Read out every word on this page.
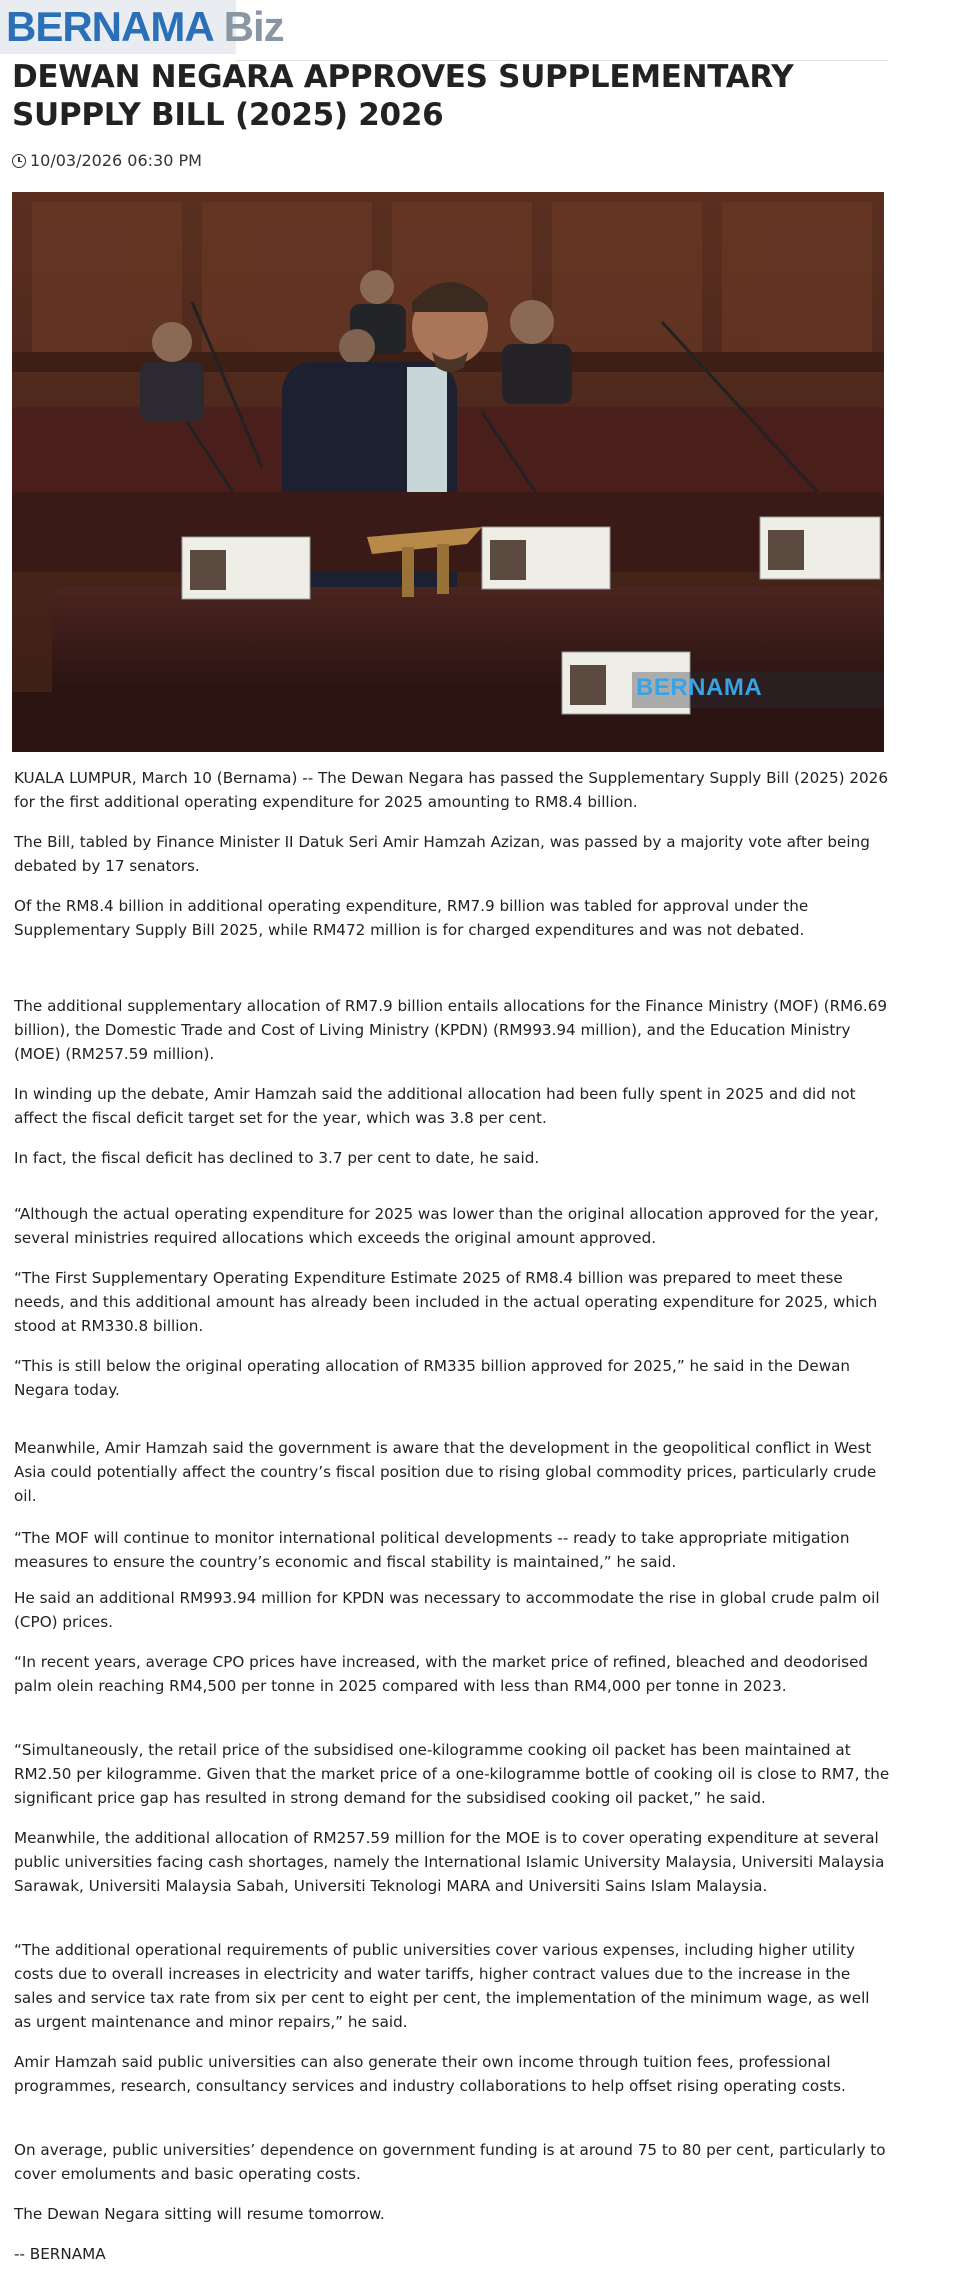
BERNAMA Biz
DEWAN NEGARA APPROVES SUPPLEMENTARY SUPPLY BILL (2025) 2026
10/03/2026 06:30 PM
BERNAMA

KUALA LUMPUR, March 10 (Bernama) -- The Dewan Negara has passed the Supplementary Supply Bill (2025) 2026 for the first additional operating expenditure for 2025 amounting to RM8.4 billion.

The Bill, tabled by Finance Minister II Datuk Seri Amir Hamzah Azizan, was passed by a majority vote after being debated by 17 senators.

Of the RM8.4 billion in additional operating expenditure, RM7.9 billion was tabled for approval under the Supplementary Supply Bill 2025, while RM472 million is for charged expenditures and was not debated.

The additional supplementary allocation of RM7.9 billion entails allocations for the Finance Ministry (MOF) (RM6.69 billion), the Domestic Trade and Cost of Living Ministry (KPDN) (RM993.94 million), and the Education Ministry (MOE) (RM257.59 million).

In winding up the debate, Amir Hamzah said the additional allocation had been fully spent in 2025 and did not affect the fiscal deficit target set for the year, which was 3.8 per cent.

In fact, the fiscal deficit has declined to 3.7 per cent to date, he said.

“Although the actual operating expenditure for 2025 was lower than the original allocation approved for the year, several ministries required allocations which exceeds the original amount approved.

“The First Supplementary Operating Expenditure Estimate 2025 of RM8.4 billion was prepared to meet these needs, and this additional amount has already been included in the actual operating expenditure for 2025, which stood at RM330.8 billion.

“This is still below the original operating allocation of RM335 billion approved for 2025,” he said in the Dewan Negara today.

Meanwhile, Amir Hamzah said the government is aware that the development in the geopolitical conflict in West Asia could potentially affect the country’s fiscal position due to rising global commodity prices, particularly crude oil.

“The MOF will continue to monitor international political developments -- ready to take appropriate mitigation measures to ensure the country’s economic and fiscal stability is maintained,” he said.

He said an additional RM993.94 million for KPDN was necessary to accommodate the rise in global crude palm oil (CPO) prices.

“In recent years, average CPO prices have increased, with the market price of refined, bleached and deodorised palm olein reaching RM4,500 per tonne in 2025 compared with less than RM4,000 per tonne in 2023.

“Simultaneously, the retail price of the subsidised one-kilogramme cooking oil packet has been maintained at RM2.50 per kilogramme. Given that the market price of a one-kilogramme bottle of cooking oil is close to RM7, the significant price gap has resulted in strong demand for the subsidised cooking oil packet,” he said.

Meanwhile, the additional allocation of RM257.59 million for the MOE is to cover operating expenditure at several public universities facing cash shortages, namely the International Islamic University Malaysia, Universiti Malaysia Sarawak, Universiti Malaysia Sabah, Universiti Teknologi MARA and Universiti Sains Islam Malaysia.

“The additional operational requirements of public universities cover various expenses, including higher utility costs due to overall increases in electricity and water tariffs, higher contract values due to the increase in the sales and service tax rate from six per cent to eight per cent, the implementation of the minimum wage, as well as urgent maintenance and minor repairs,” he said.

Amir Hamzah said public universities can also generate their own income through tuition fees, professional programmes, research, consultancy services and industry collaborations to help offset rising operating costs.

On average, public universities’ dependence on government funding is at around 75 to 80 per cent, particularly to cover emoluments and basic operating costs.

The Dewan Negara sitting will resume tomorrow.

-- BERNAMA
